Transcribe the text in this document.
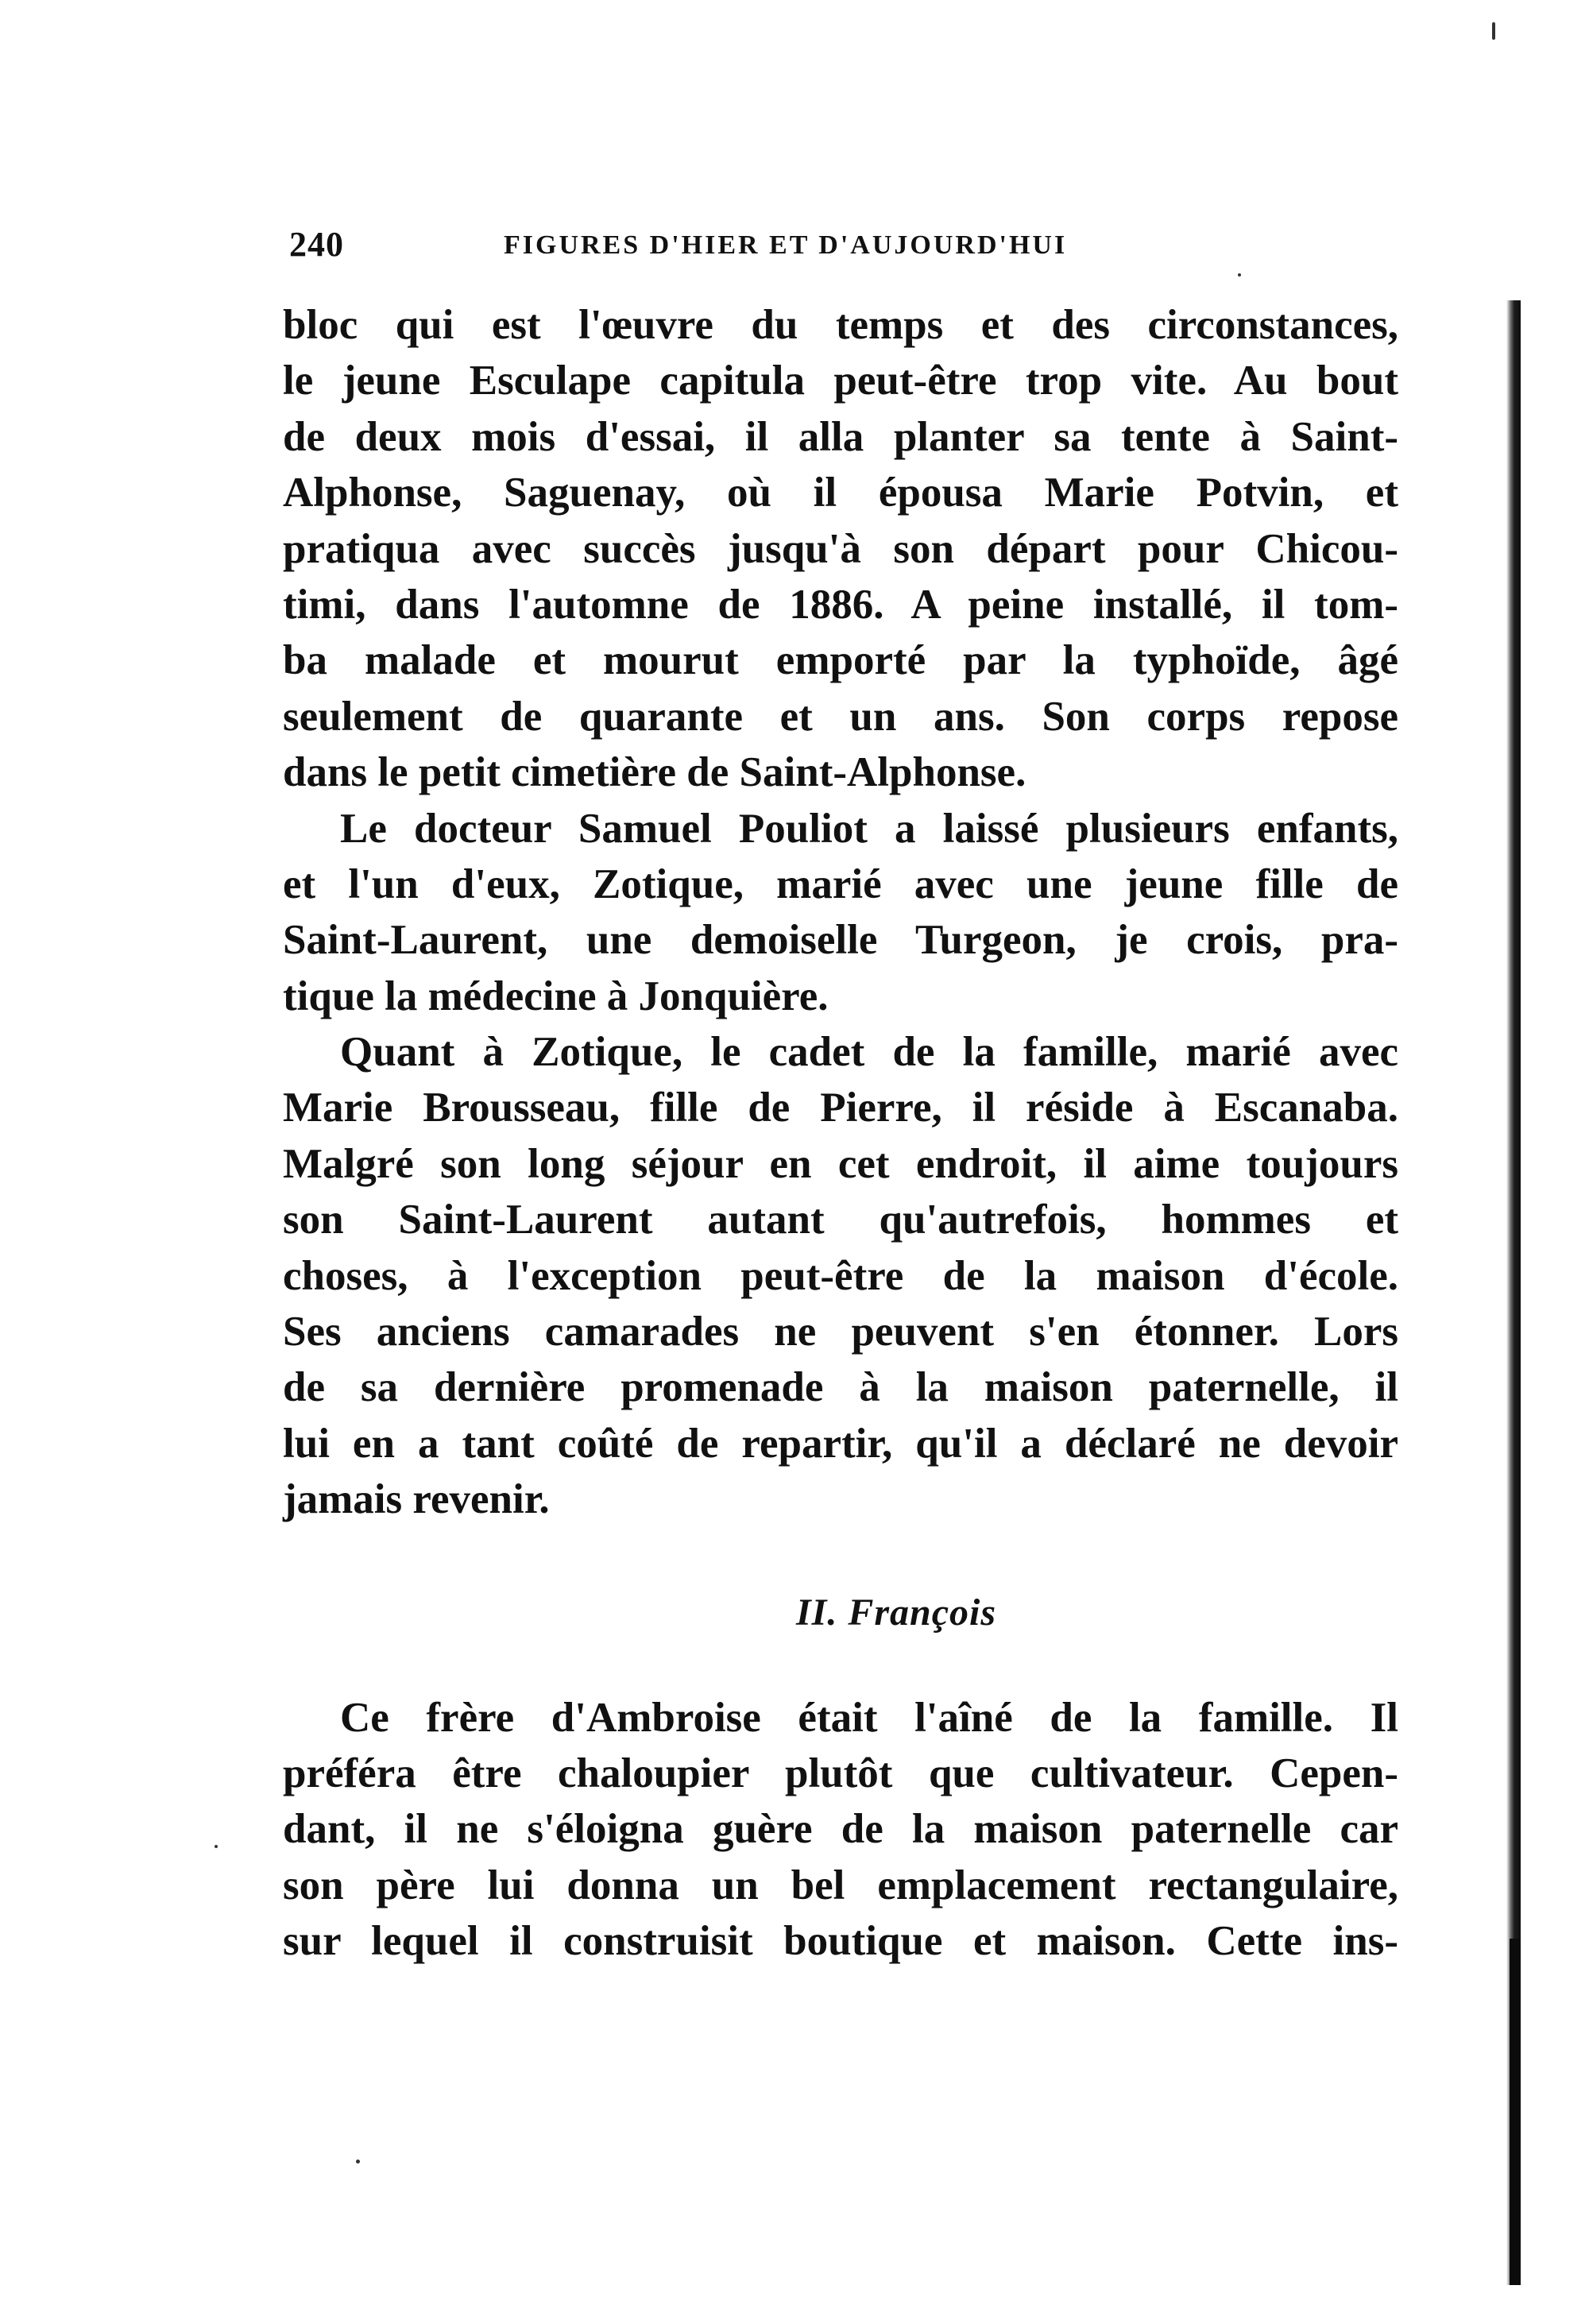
240	FIGURES D'HIER ET D'AUJOURD'HUI
bloc qui est l'œuvre du temps et des circonstances,
le jeune Esculape capitula peut-être trop vite. Au bout
de deux mois d'essai, il alla planter sa tente à Saint-
Alphonse, Saguenay, où il épousa Marie Potvin, et
pratiqua avec succès jusqu'à son départ pour Chicou-
timi, dans l'automne de 1886. A peine installé, il tom-
ba malade et mourut emporté par la typhoïde, âgé
seulement de quarante et un ans. Son corps repose
dans le petit cimetière de Saint-Alphonse.
Le docteur Samuel Pouliot a laissé plusieurs enfants,
et l'un d'eux, Zotique, marié avec une jeune fille de
Saint-Laurent, une demoiselle Turgeon, je crois, pra-
tique la médecine à Jonquière.
Quant à Zotique, le cadet de la famille, marié avec
Marie Brousseau, fille de Pierre, il réside à Escanaba.
Malgré son long séjour en cet endroit, il aime toujours
son Saint-Laurent autant qu'autrefois, hommes et
choses, à l'exception peut-être de la maison d'école.
Ses anciens camarades ne peuvent s'en étonner. Lors
de sa dernière promenade à la maison paternelle, il
lui en a tant coûté de repartir, qu'il a déclaré ne devoir
jamais revenir.
II. François
Ce frère d'Ambroise était l'aîné de la famille. Il
préféra être chaloupier plutôt que cultivateur. Cepen-
dant, il ne s'éloigna guère de la maison paternelle car
son père lui donna un bel emplacement rectangulaire,
sur lequel il construisit boutique et maison. Cette ins-
